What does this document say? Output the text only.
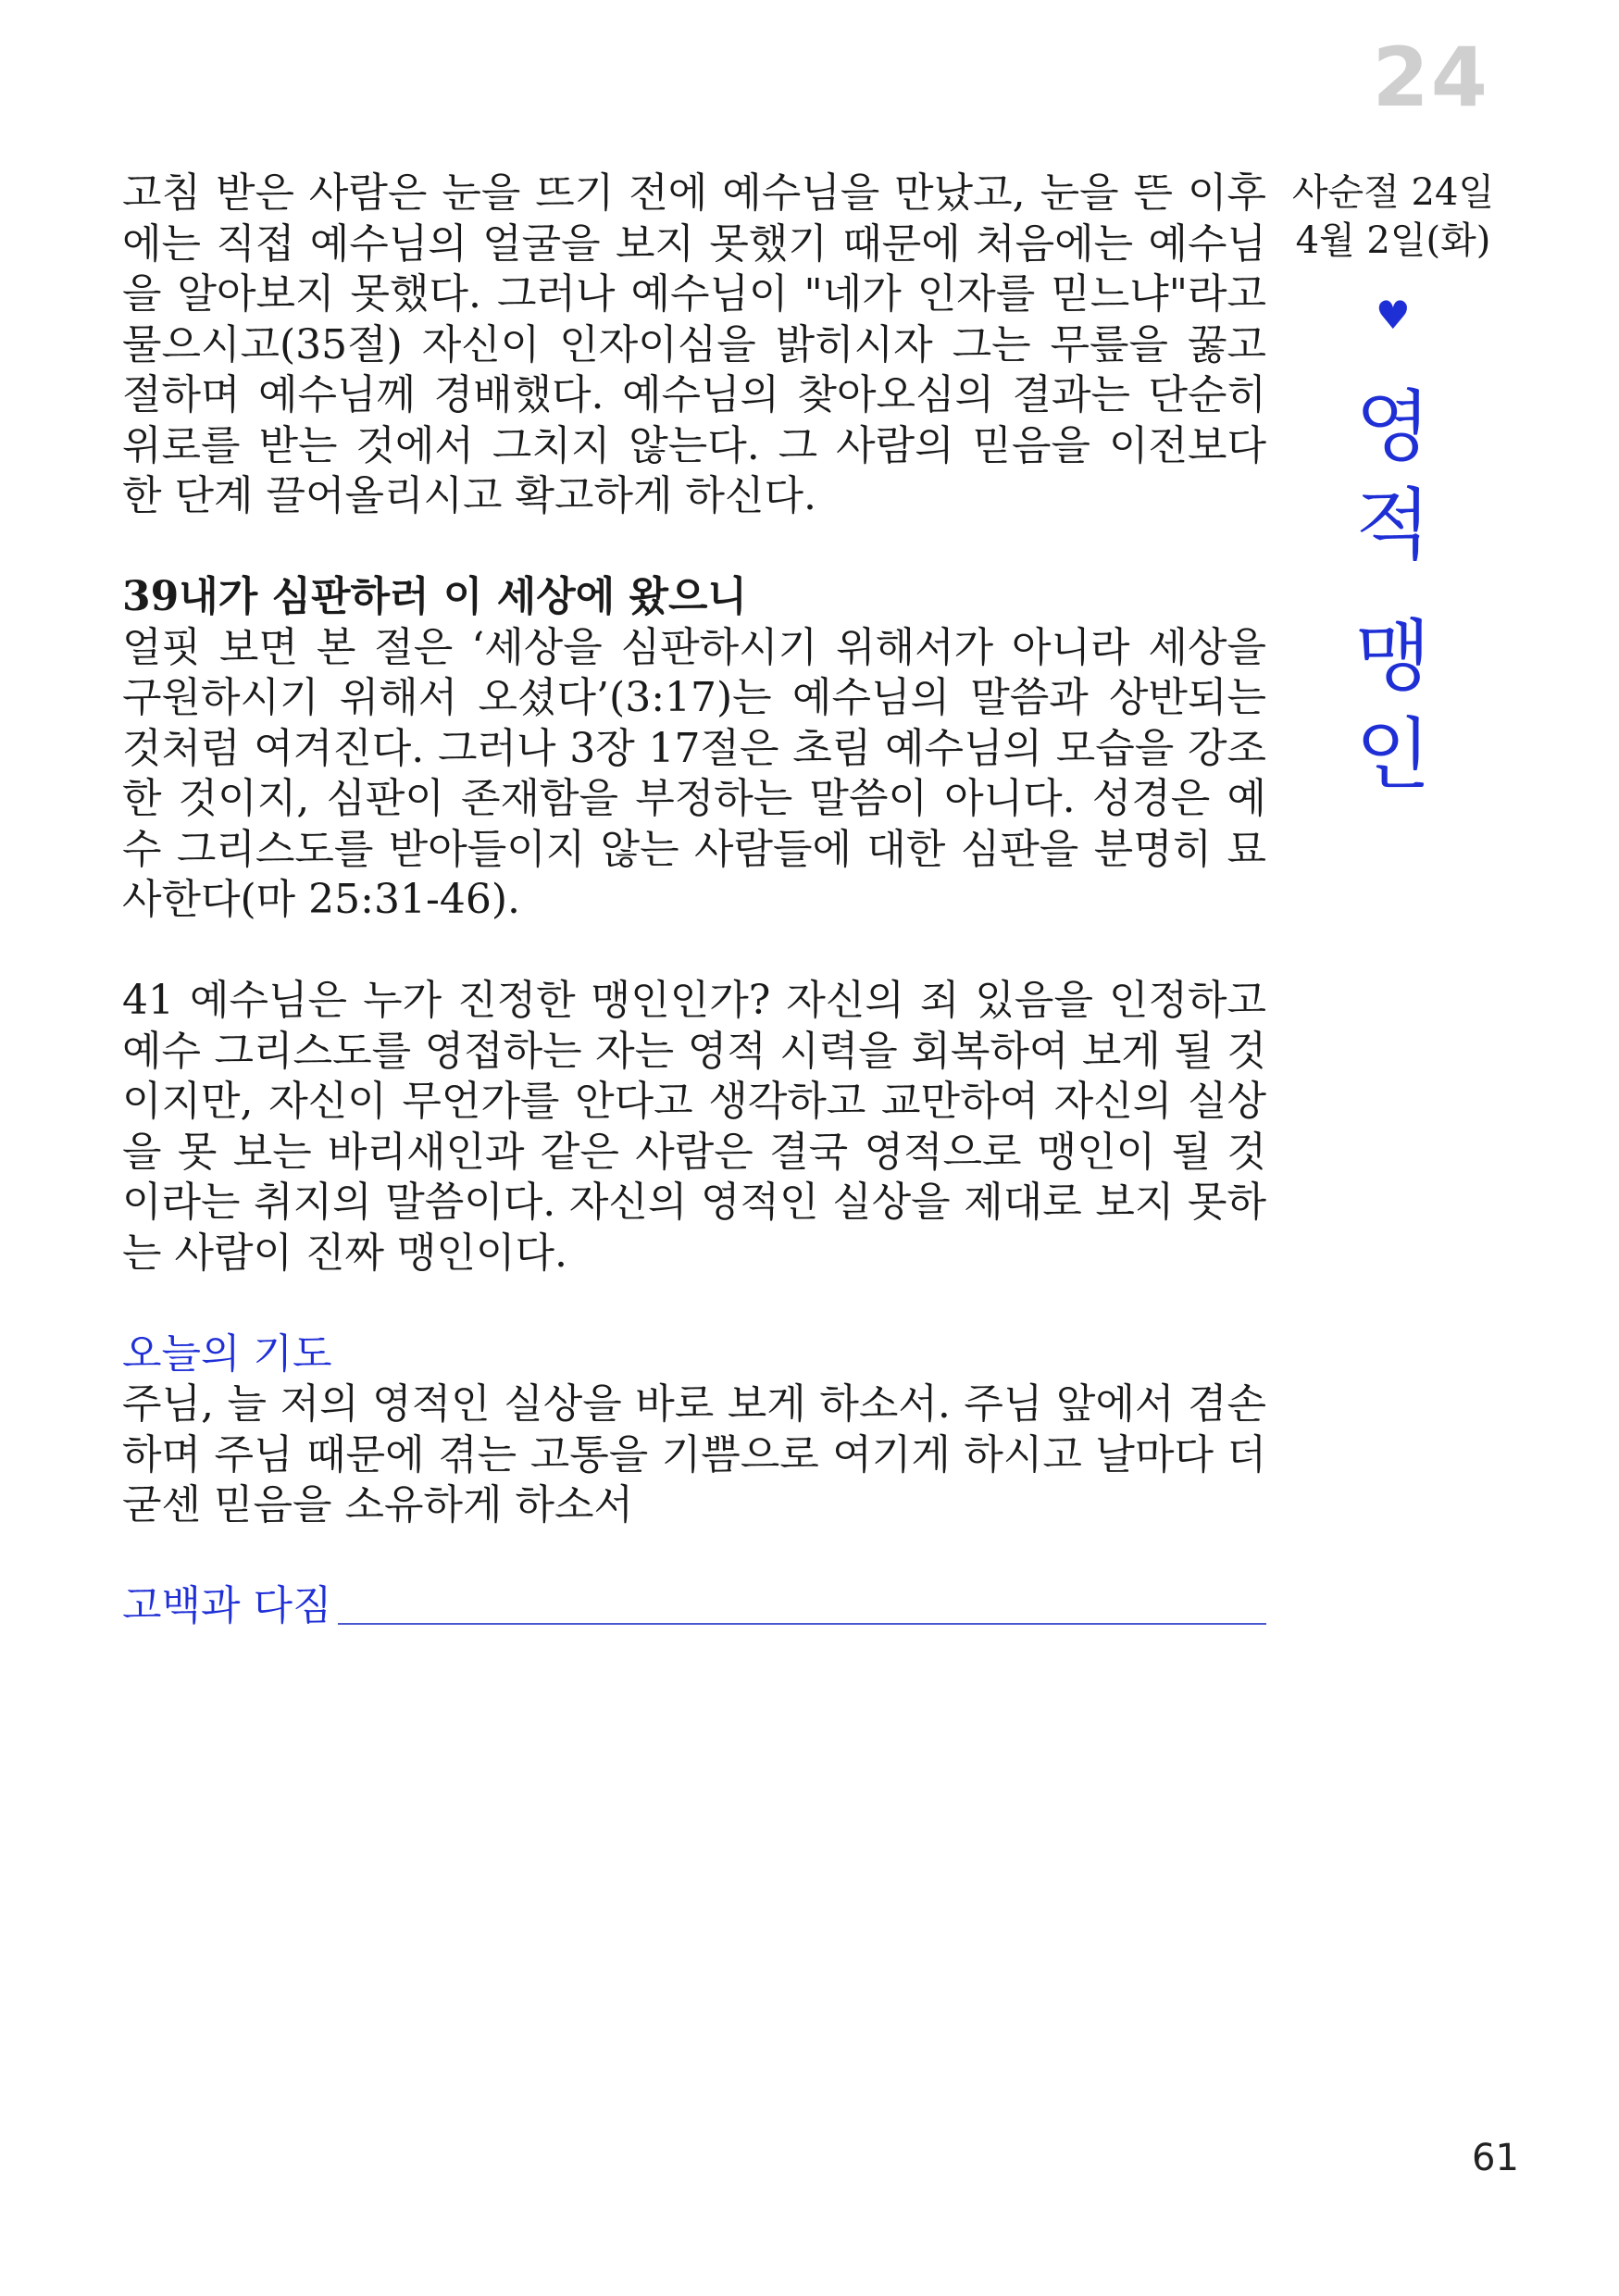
24

고침 받은 사람은 눈을 뜨기 전에 예수님을 만났고, 눈을 뜬 이후에는 직접 예수님의 얼굴을 보지 못했기 때문에 처음에는 예수님을 알아보지 못했다. 그러나 예수님이 "네가 인자를 믿느냐"라고 물으시고(35절) 자신이 인자이심을 밝히시자 그는 무릎을 꿇고 절하며 예수님께 경배했다. 예수님의 찾아오심의 결과는 단순히 위로를 받는 것에서 그치지 않는다. 그 사람의 믿음을 이전보다 한 단계 끌어올리시고 확고하게 하신다.

39내가 심판하러 이 세상에 왔으니

얼핏 보면 본 절은 ‘세상을 심판하시기 위해서가 아니라 세상을 구원하시기 위해서 오셨다’(3:17)는 예수님의 말씀과 상반되는 것처럼 여겨진다. 그러나 3장 17절은 초림 예수님의 모습을 강조한 것이지, 심판이 존재함을 부정하는 말씀이 아니다. 성경은 예수 그리스도를 받아들이지 않는 사람들에 대한 심판을 분명히 묘사한다(마 25:31-46).

41 예수님은 누가 진정한 맹인인가? 자신의 죄 있음을 인정하고 예수 그리스도를 영접하는 자는 영적 시력을 회복하여 보게 될 것이지만, 자신이 무언가를 안다고 생각하고 교만하여 자신의 실상을 못 보는 바리새인과 같은 사람은 결국 영적으로 맹인이 될 것이라는 취지의 말씀이다. 자신의 영적인 실상을 제대로 보지 못하는 사람이 진짜 맹인이다.

오늘의 기도

주님, 늘 저의 영적인 실상을 바로 보게 하소서. 주님 앞에서 겸손하며 주님 때문에 겪는 고통을 기쁨으로 여기게 하시고 날마다 더 굳센 믿음을 소유하게 하소서

고백과 다짐
사순절 24일
4월 2일(화)
♥
영
적
맹
인
61
